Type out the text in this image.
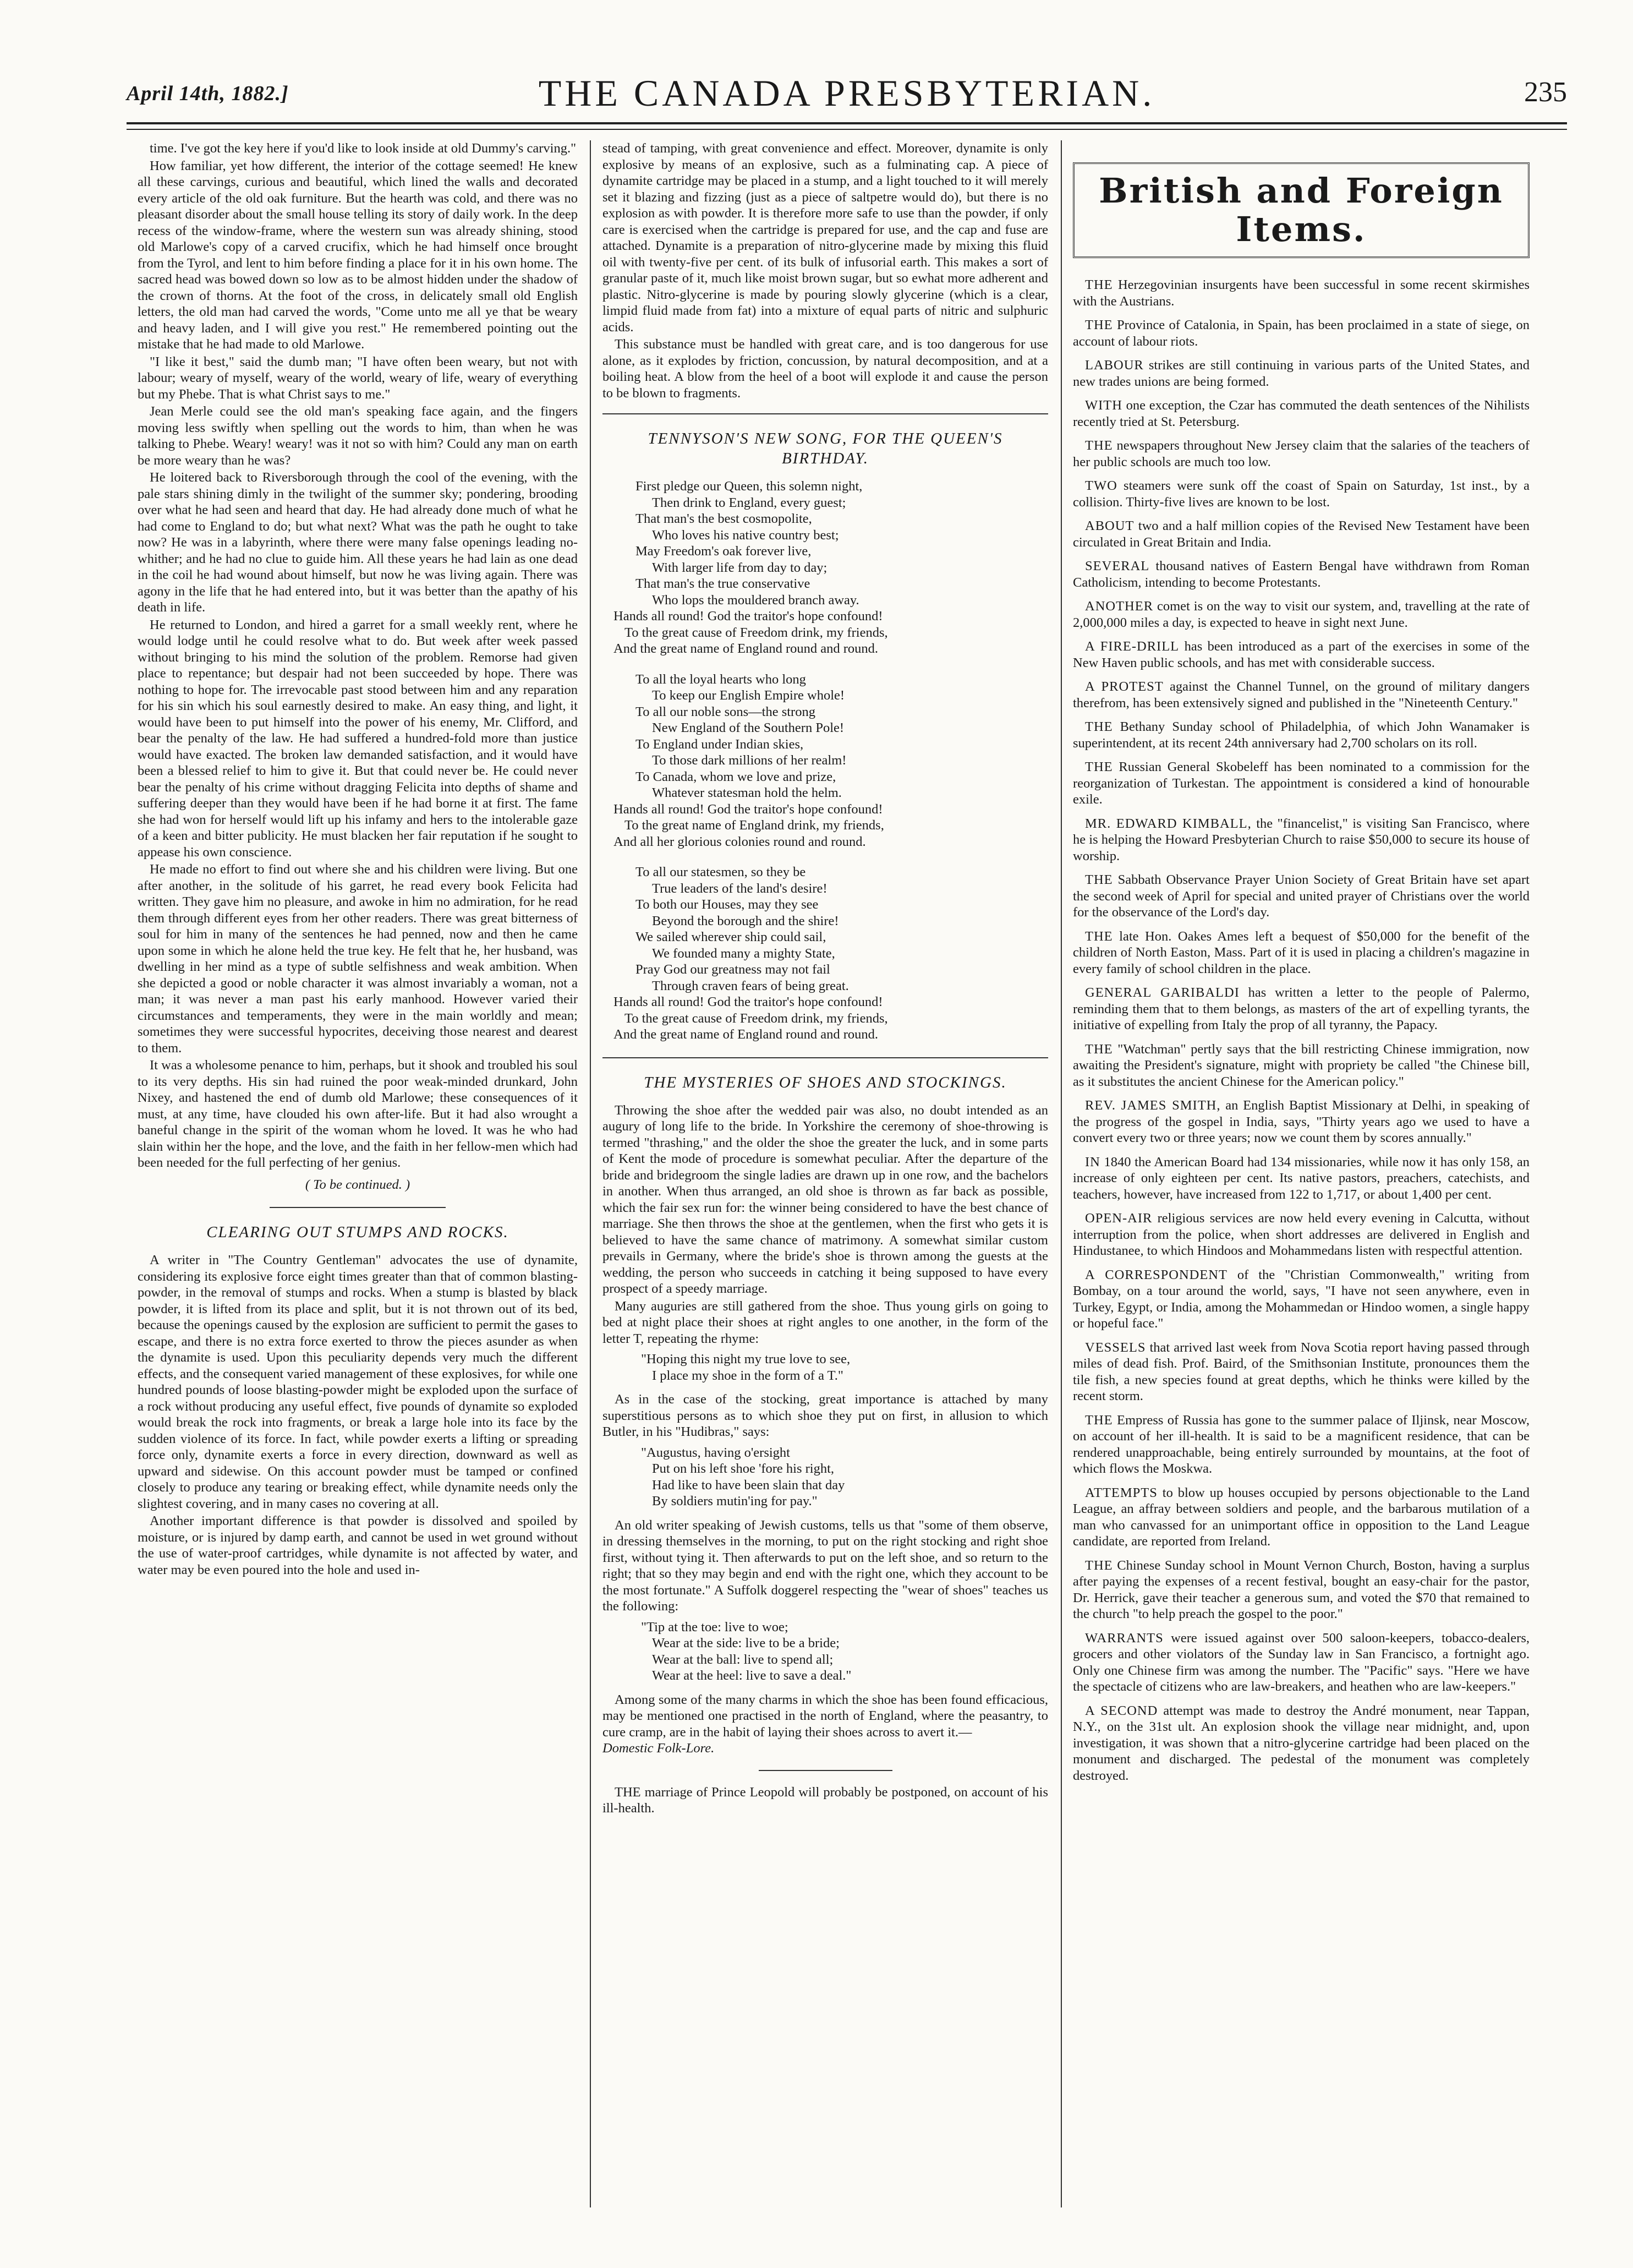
April 14th, 1882.]	THE CANADA PRESBYTERIAN.	235

time. I've got the key here if you'd like to look inside at old Dummy's carving."

How familiar, yet how different, the interior of the cottage seemed! He knew all these carvings, curious and beautiful, which lined the walls and decorated every article of the old oak furniture. But the hearth was cold, and there was no pleasant disorder about the small house telling its story of daily work. In the deep recess of the window-frame, where the western sun was already shining, stood old Marlowe's copy of a carved crucifix, which he had himself once brought from the Tyrol, and lent to him before finding a place for it in his own home. The sacred head was bowed down so low as to be almost hidden under the shadow of the crown of thorns. At the foot of the cross, in delicately small old English letters, the old man had carved the words, "Come unto me all ye that be weary and heavy laden, and I will give you rest." He remembered pointing out the mistake that he had made to old Marlowe.

"I like it best," said the dumb man; "I have often been weary, but not with labour; weary of myself, weary of the world, weary of life, weary of everything but my Phebe. That is what Christ says to me."

Jean Merle could see the old man's speaking face again, and the fingers moving less swiftly when spelling out the words to him, than when he was talking to Phebe. Weary! weary! was it not so with him? Could any man on earth be more weary than he was?

He loitered back to Riversborough through the cool of the evening, with the pale stars shining dimly in the twilight of the summer sky; pondering, brooding over what he had seen and heard that day. He had already done much of what he had come to England to do; but what next? What was the path he ought to take now? He was in a labyrinth, where there were many false openings leading no-whither; and he had no clue to guide him. All these years he had lain as one dead in the coil he had wound about himself, but now he was living again. There was agony in the life that he had entered into, but it was better than the apathy of his death in life.

He returned to London, and hired a garret for a small weekly rent, where he would lodge until he could resolve what to do. But week after week passed without bringing to his mind the solution of the problem. Remorse had given place to repentance; but despair had not been succeeded by hope. There was nothing to hope for. The irrevocable past stood between him and any reparation for his sin which his soul earnestly desired to make. An easy thing, and light, it would have been to put himself into the power of his enemy, Mr. Clifford, and bear the penalty of the law. He had suffered a hundred-fold more than justice would have exacted. The broken law demanded satisfaction, and it would have been a blessed relief to him to give it. But that could never be. He could never bear the penalty of his crime without dragging Felicita into depths of shame and suffering deeper than they would have been if he had borne it at first. The fame she had won for herself would lift up his infamy and hers to the intolerable gaze of a keen and bitter publicity. He must blacken her fair reputation if he sought to appease his own conscience.

He made no effort to find out where she and his children were living. But one after another, in the solitude of his garret, he read every book Felicita had written. They gave him no pleasure, and awoke in him no admiration, for he read them through different eyes from her other readers. There was great bitterness of soul for him in many of the sentences he had penned, now and then he came upon some in which he alone held the true key. He felt that he, her husband, was dwelling in her mind as a type of subtle selfishness and weak ambition. When she depicted a good or noble character it was almost invariably a woman, not a man; it was never a man past his early manhood. However varied their circumstances and temperaments, they were in the main worldly and mean; sometimes they were successful hypocrites, deceiving those nearest and dearest to them.

It was a wholesome penance to him, perhaps, but it shook and troubled his soul to its very depths. His sin had ruined the poor weak-minded drunkard, John Nixey, and hastened the end of dumb old Marlowe; these consequences of it must, at any time, have clouded his own after-life. But it had also wrought a baneful change in the spirit of the woman whom he loved. It was he who had slain within her the hope, and the love, and the faith in her fellow-men which had been needed for the full perfecting of her genius.

( To be continued. )
CLEARING OUT STUMPS AND ROCKS.

A writer in "The Country Gentleman" advocates the use of dynamite, considering its explosive force eight times greater than that of common blasting-powder, in the removal of stumps and rocks. When a stump is blasted by black powder, it is lifted from its place and split, but it is not thrown out of its bed, because the openings caused by the explosion are sufficient to permit the gases to escape, and there is no extra force exerted to throw the pieces asunder as when the dynamite is used. Upon this peculiarity depends very much the different effects, and the consequent varied management of these explosives, for while one hundred pounds of loose blasting-powder might be exploded upon the surface of a rock without producing any useful effect, five pounds of dynamite so exploded would break the rock into fragments, or break a large hole into its face by the sudden violence of its force. In fact, while powder exerts a lifting or spreading force only, dynamite exerts a force in every direction, downward as well as upward and sidewise. On this account powder must be tamped or confined closely to produce any tearing or breaking effect, while dynamite needs only the slightest covering, and in many cases no covering at all.

Another important difference is that powder is dissolved and spoiled by moisture, or is injured by damp earth, and cannot be used in wet ground without the use of water-proof cartridges, while dynamite is not affected by water, and water may be even poured into the hole and used in-

stead of tamping, with great convenience and effect. Moreover, dynamite is only explosive by means of an explosive, such as a fulminating cap. A piece of dynamite cartridge may be placed in a stump, and a light touched to it will merely set it blazing and fizzing (just as a piece of saltpetre would do), but there is no explosion as with powder. It is therefore more safe to use than the powder, if only care is exercised when the cartridge is prepared for use, and the cap and fuse are attached. Dynamite is a preparation of nitro-glycerine made by mixing this fluid oil with twenty-five per cent. of its bulk of infusorial earth. This makes a sort of granular paste of it, much like moist brown sugar, but so ewhat more adherent and plastic. Nitro-glycerine is made by pouring slowly glycerine (which is a clear, limpid fluid made from fat) into a mixture of equal parts of nitric and sulphuric acids.

This substance must be handled with great care, and is too dangerous for use alone, as it explodes by friction, concussion, by natural decomposition, and at a boiling heat. A blow from the heel of a boot will explode it and cause the person to be blown to fragments.

TENNYSON'S NEW SONG, FOR THE QUEEN'S BIRTHDAY.
First pledge our Queen, this solemn night,
Then drink to England, every guest;
That man's the best cosmopolite,
Who loves his native country best;
May Freedom's oak forever live,
With larger life from day to day;
That man's the true conservative
Who lops the mouldered branch away.
Hands all round! God the traitor's hope confound!
To the great cause of Freedom drink, my friends,
And the great name of England round and round.
To all the loyal hearts who long
To keep our English Empire whole!
To all our noble sons—the strong
New England of the Southern Pole!
To England under Indian skies,
To those dark millions of her realm!
To Canada, whom we love and prize,
Whatever statesman hold the helm.
Hands all round! God the traitor's hope confound!
To the great name of England drink, my friends,
And all her glorious colonies round and round.
To all our statesmen, so they be
True leaders of the land's desire!
To both our Houses, may they see
Beyond the borough and the shire!
We sailed wherever ship could sail,
We founded many a mighty State,
Pray God our greatness may not fail
Through craven fears of being great.
Hands all round! God the traitor's hope confound!
To the great cause of Freedom drink, my friends,
And the great name of England round and round.
THE MYSTERIES OF SHOES AND STOCKINGS.

Throwing the shoe after the wedded pair was also, no doubt intended as an augury of long life to the bride. In Yorkshire the ceremony of shoe-throwing is termed "thrashing," and the older the shoe the greater the luck, and in some parts of Kent the mode of procedure is somewhat peculiar. After the departure of the bride and bridegroom the single ladies are drawn up in one row, and the bachelors in another. When thus arranged, an old shoe is thrown as far back as possible, which the fair sex run for: the winner being considered to have the best chance of marriage. She then throws the shoe at the gentlemen, when the first who gets it is believed to have the same chance of matrimony. A somewhat similar custom prevails in Germany, where the bride's shoe is thrown among the guests at the wedding, the person who succeeds in catching it being supposed to have every prospect of a speedy marriage.

Many auguries are still gathered from the shoe. Thus young girls on going to bed at night place their shoes at right angles to one another, in the form of the letter T, repeating the rhyme:

"Hoping this night my true love to see,
I place my shoe in the form of a T."

As in the case of the stocking, great importance is attached by many superstitious persons as to which shoe they put on first, in allusion to which Butler, in his "Hudibras," says:

"Augustus, having o'ersight
Put on his left shoe 'fore his right,
Had like to have been slain that day
By soldiers mutin'ing for pay."

An old writer speaking of Jewish customs, tells us that "some of them observe, in dressing themselves in the morning, to put on the right stocking and right shoe first, without tying it. Then afterwards to put on the left shoe, and so return to the right; that so they may begin and end with the right one, which they account to be the most fortunate." A Suffolk doggerel respecting the "wear of shoes" teaches us the following:

"Tip at the toe: live to woe;
Wear at the side: live to be a bride;
Wear at the ball: live to spend all;
Wear at the heel: live to save a deal."

Among some of the many charms in which the shoe has been found efficacious, may be mentioned one practised in the north of England, where the peasantry, to cure cramp, are in the habit of laying their shoes across to avert it.—
Domestic Folk-Lore.

THE marriage of Prince Leopold will probably be postponed, on account of his ill-health.

British and Foreign Items.

THE Herzegovinian insurgents have been successful in some recent skirmishes with the Austrians.

THE Province of Catalonia, in Spain, has been proclaimed in a state of siege, on account of labour riots.

LABOUR strikes are still continuing in various parts of the United States, and new trades unions are being formed.

WITH one exception, the Czar has commuted the death sentences of the Nihilists recently tried at St. Petersburg.

THE newspapers throughout New Jersey claim that the salaries of the teachers of her public schools are much too low.

TWO steamers were sunk off the coast of Spain on Saturday, 1st inst., by a collision. Thirty-five lives are known to be lost.

ABOUT two and a half million copies of the Revised New Testament have been circulated in Great Britain and India.

SEVERAL thousand natives of Eastern Bengal have withdrawn from Roman Catholicism, intending to become Protestants.

ANOTHER comet is on the way to visit our system, and, travelling at the rate of 2,000,000 miles a day, is expected to heave in sight next June.

A FIRE-DRILL has been introduced as a part of the exercises in some of the New Haven public schools, and has met with considerable success.

A PROTEST against the Channel Tunnel, on the ground of military dangers therefrom, has been extensively signed and published in the "Nineteenth Century."

THE Bethany Sunday school of Philadelphia, of which John Wanamaker is superintendent, at its recent 24th anniversary had 2,700 scholars on its roll.

THE Russian General Skobeleff has been nominated to a commission for the reorganization of Turkestan. The appointment is considered a kind of honourable exile.

MR. EDWARD KIMBALL, the "financelist," is visiting San Francisco, where he is helping the Howard Presbyterian Church to raise $50,000 to secure its house of worship.

THE Sabbath Observance Prayer Union Society of Great Britain have set apart the second week of April for special and united prayer of Christians over the world for the observance of the Lord's day.

THE late Hon. Oakes Ames left a bequest of $50,000 for the benefit of the children of North Easton, Mass. Part of it is used in placing a children's magazine in every family of school children in the place.

GENERAL GARIBALDI has written a letter to the people of Palermo, reminding them that to them belongs, as masters of the art of expelling tyrants, the initiative of expelling from Italy the prop of all tyranny, the Papacy.

THE "Watchman" pertly says that the bill restricting Chinese immigration, now awaiting the President's signature, might with propriety be called "the Chinese bill, as it substitutes the ancient Chinese for the American policy."

REV. JAMES SMITH, an English Baptist Missionary at Delhi, in speaking of the progress of the gospel in India, says, "Thirty years ago we used to have a convert every two or three years; now we count them by scores annually."

IN 1840 the American Board had 134 missionaries, while now it has only 158, an increase of only eighteen per cent. Its native pastors, preachers, catechists, and teachers, however, have increased from 122 to 1,717, or about 1,400 per cent.

OPEN-AIR religious services are now held every evening in Calcutta, without interruption from the police, when short addresses are delivered in English and Hindustanee, to which Hindoos and Mohammedans listen with respectful attention.

A CORRESPONDENT of the "Christian Commonwealth," writing from Bombay, on a tour around the world, says, "I have not seen anywhere, even in Turkey, Egypt, or India, among the Mohammedan or Hindoo women, a single happy or hopeful face."

VESSELS that arrived last week from Nova Scotia report having passed through miles of dead fish. Prof. Baird, of the Smithsonian Institute, pronounces them the tile fish, a new species found at great depths, which he thinks were killed by the recent storm.

THE Empress of Russia has gone to the summer palace of Iljinsk, near Moscow, on account of her ill-health. It is said to be a magnificent residence, that can be rendered unapproachable, being entirely surrounded by mountains, at the foot of which flows the Moskwa.

ATTEMPTS to blow up houses occupied by persons objectionable to the Land League, an affray between soldiers and people, and the barbarous mutilation of a man who canvassed for an unimportant office in opposition to the Land League candidate, are reported from Ireland.

THE Chinese Sunday school in Mount Vernon Church, Boston, having a surplus after paying the expenses of a recent festival, bought an easy-chair for the pastor, Dr. Herrick, gave their teacher a generous sum, and voted the $70 that remained to the church "to help preach the gospel to the poor."

WARRANTS were issued against over 500 saloon-keepers, tobacco-dealers, grocers and other violators of the Sunday law in San Francisco, a fortnight ago. Only one Chinese firm was among the number. The "Pacific" says. "Here we have the spectacle of citizens who are law-breakers, and heathen who are law-keepers."

A SECOND attempt was made to destroy the André monument, near Tappan, N.Y., on the 31st ult. An explosion shook the village near midnight, and, upon investigation, it was shown that a nitro-glycerine cartridge had been placed on the monument and discharged. The pedestal of the monument was completely destroyed.
